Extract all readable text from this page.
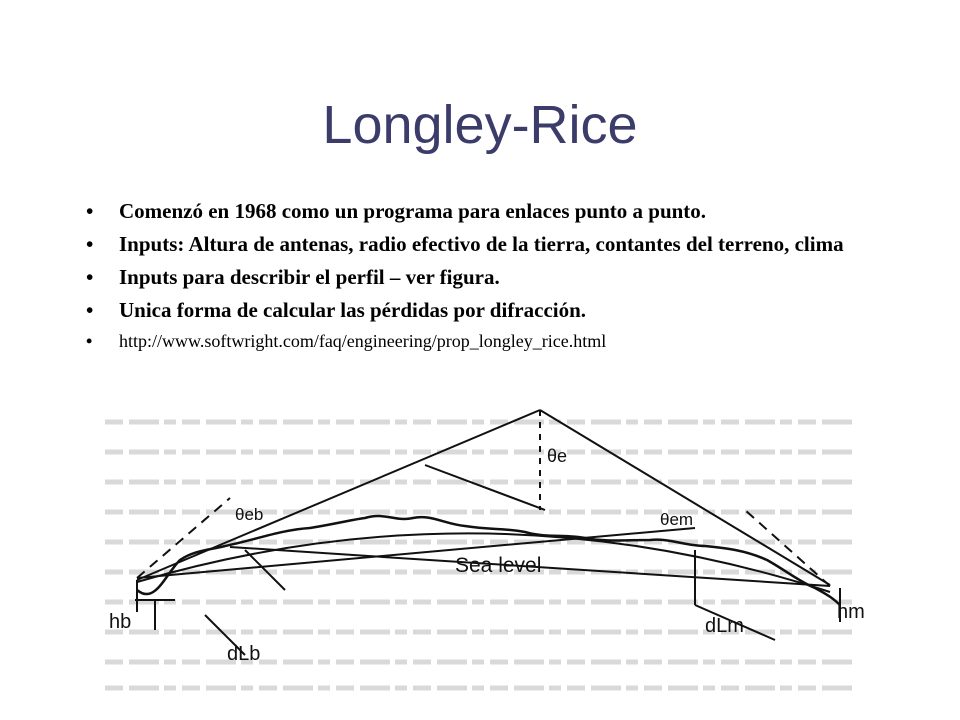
Longley-Rice
• Comenzó en 1968 como un programa para enlaces punto a punto.
• Inputs: Altura de antenas, radio efectivo de la tierra, contantes del terreno, clima
• Inputs para describir el perfil – ver figura.
• Unica forma de calcular las pérdidas por difracción.
• http://www.softwright.com/faq/engineering/prop_longley_rice.html
θe
θeb	θem
Sea level
hb	hm
dLb
dLm
